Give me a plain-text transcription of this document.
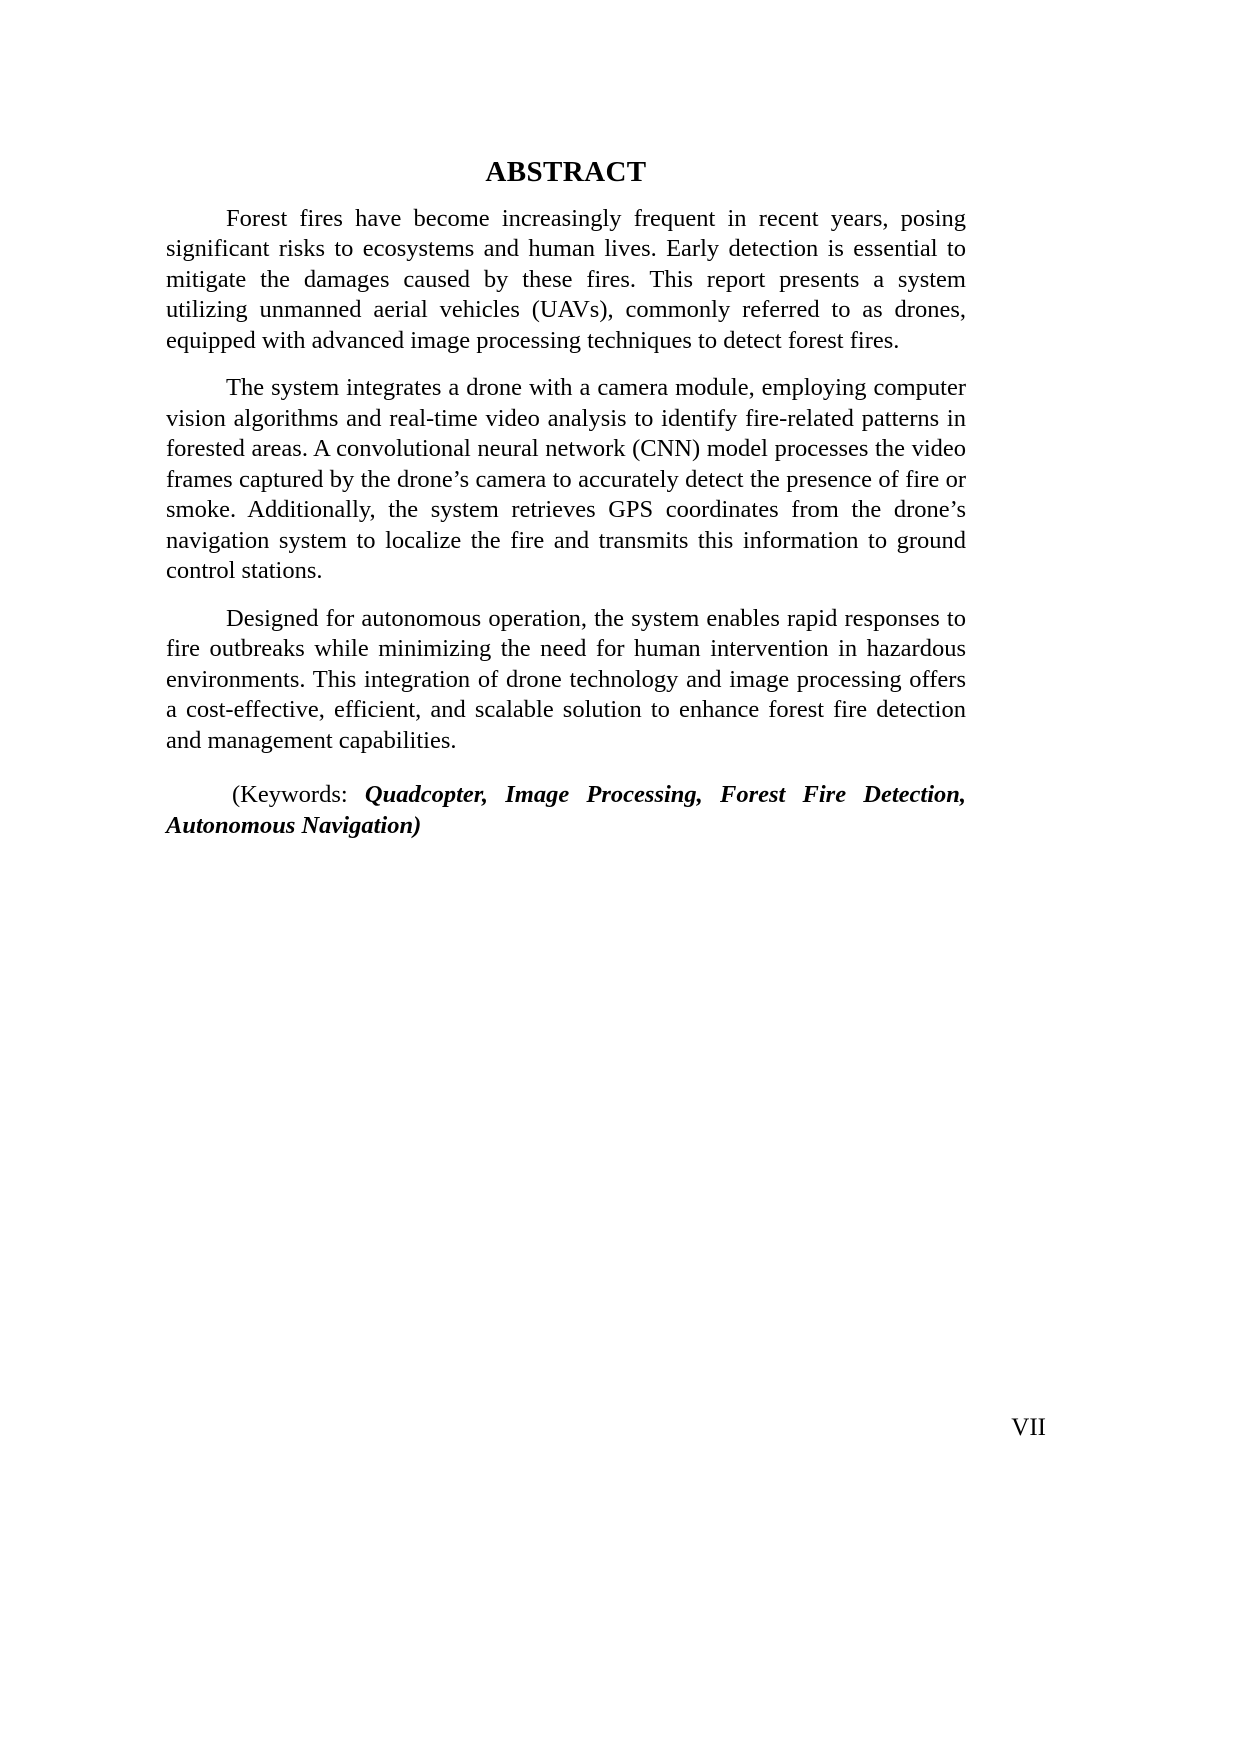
ABSTRACT

Forest fires have become increasingly frequent in recent years, posing significant risks to ecosystems and human lives. Early detection is essential to mitigate the damages caused by these fires. This report presents a system utilizing unmanned aerial vehicles (UAVs), commonly referred to as drones, equipped with advanced image processing techniques to detect forest fires.

The system integrates a drone with a camera module, employing computer vision algorithms and real-time video analysis to identify fire-related patterns in forested areas. A convolutional neural network (CNN) model processes the video frames captured by the drone’s camera to accurately detect the presence of fire or smoke. Additionally, the system retrieves GPS coordinates from the drone’s navigation system to localize the fire and transmits this information to ground control stations.

Designed for autonomous operation, the system enables rapid responses to fire outbreaks while minimizing the need for human intervention in hazardous environments. This integration of drone technology and image processing offers a cost-effective, efficient, and scalable solution to enhance forest fire detection and management capabilities.

(Keywords: Quadcopter, Image Processing, Forest Fire Detection, Autonomous Navigation)

VII
